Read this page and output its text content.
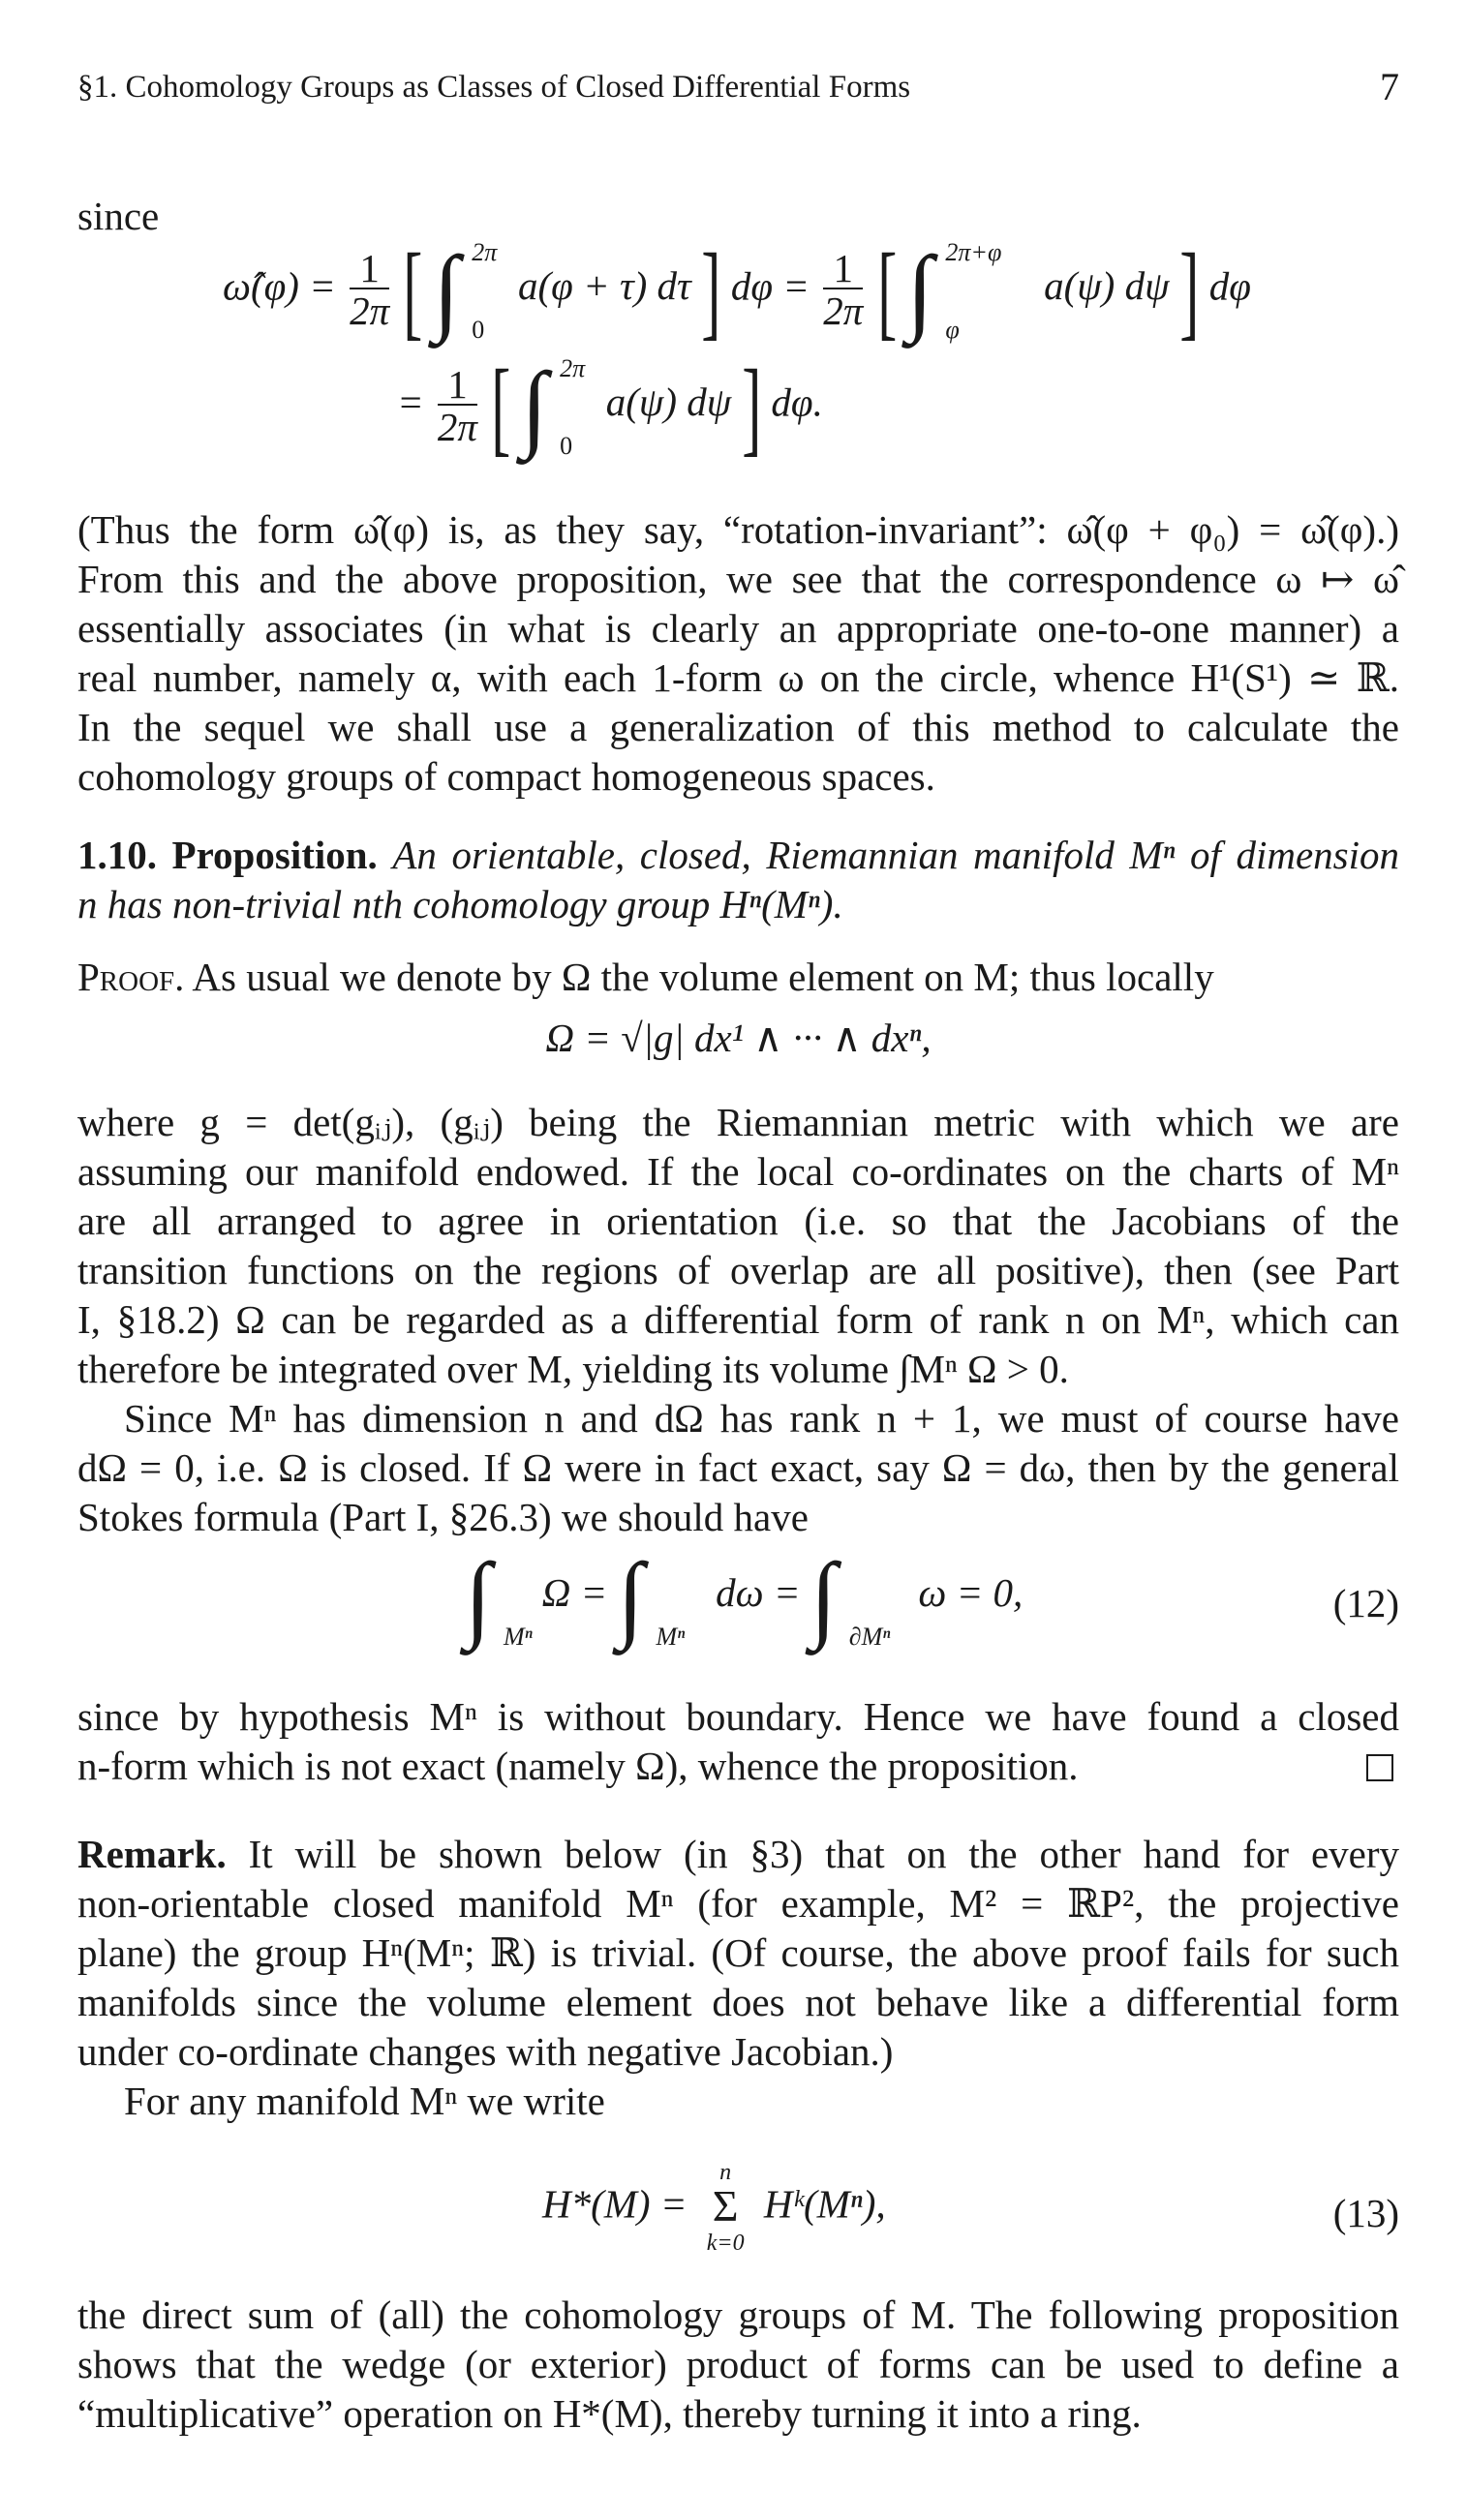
§1. Cohomology Groups as Classes of Closed Differential Forms	7
since
ω̂(φ) = $\frac{1}{2\pi}$ [ ∫ 2π
0
a(φ + τ) dτ ] $d\varphi = \frac{1}{2\pi}$ [ ∫ 2π+φ
φ
a(ψ) dψ ] dφ
= $\frac{1}{2\pi}$ [ ∫ 2π
0
a(ψ) dψ ] dφ.
(Thus the form ω̂(φ) is, as they say, “rotation-invariant”: ω̂(φ + φ₀) = ω̂(φ).)
From this and the above proposition, we see that the correspondence ω ↦ ω̂
essentially associates (in what is clearly an appropriate one-to-one manner) a
real number, namely α, with each 1-form ω on the circle, whence H¹(S¹) ≃ ℝ.
In the sequel we shall use a generalization of this method to calculate the
cohomology groups of compact homogeneous spaces.
1.10. Proposition. An orientable, closed, Riemannian manifold Mⁿ of dimension
n has non-trivial nth cohomology group Hⁿ(Mⁿ).
Proof. As usual we denote by Ω the volume element on M; thus locally
Ω = √|g| dx¹ ∧ ··· ∧ dxⁿ,
where g = det(gᵢⱼ), (gᵢⱼ) being the Riemannian metric with which we are
assuming our manifold endowed. If the local co-ordinates on the charts of Mⁿ
are all arranged to agree in orientation (i.e. so that the Jacobians of the
transition functions on the regions of overlap are all positive), then (see Part
I, §18.2) Ω can be regarded as a differential form of rank n on Mⁿ, which can
therefore be integrated over M, yielding its volume ∫Mⁿ Ω > 0.
Since Mⁿ has dimension n and dΩ has rank n + 1, we must of course have
dΩ = 0, i.e. Ω is closed. If Ω were in fact exact, say Ω = dω, then by the general
Stokes formula (Part I, §26.3) we should have
∫ Mⁿ
Ω = ∫ Mⁿ
dω = ∫ ∂Mⁿ
ω = 0,	(12)
since by hypothesis Mⁿ is without boundary. Hence we have found a closed
n-form which is not exact (namely Ω), whence the proposition.
Remark. It will be shown below (in §3) that on the other hand for every
non-orientable closed manifold Mⁿ (for example, M² = ℝP², the projective
plane) the group Hⁿ(Mⁿ; ℝ) is trivial. (Of course, the above proof fails for such
manifolds since the volume element does not behave like a differential form
under co-ordinate changes with negative Jacobian.)
For any manifold Mⁿ we write
H*(M) =
n
Σ
k=0
Hᵏ(Mⁿ),	(13)
the direct sum of (all) the cohomology groups of M. The following proposition
shows that the wedge (or exterior) product of forms can be used to define a
“multiplicative” operation on H*(M), thereby turning it into a ring.
